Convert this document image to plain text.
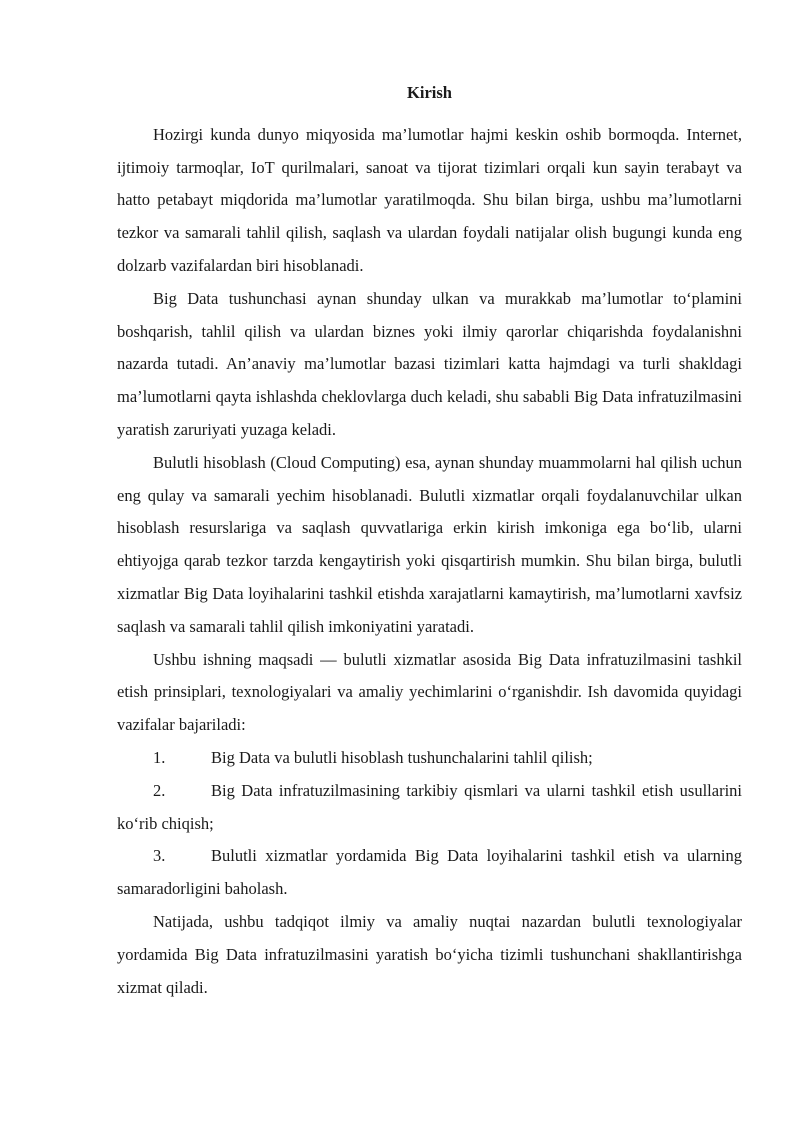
Kirish

Hozirgi kunda dunyo miqyosida ma’lumotlar hajmi keskin oshib bormoqda. Internet, ijtimoiy tarmoqlar, IoT qurilmalari, sanoat va tijorat tizimlari orqali kun sayin terabayt va hatto petabayt miqdorida ma’lumotlar yaratilmoqda. Shu bilan birga, ushbu ma’lumotlarni tezkor va samarali tahlil qilish, saqlash va ulardan foydali natijalar olish bugungi kunda eng dolzarb vazifalardan biri hisoblanadi.

Big Data tushunchasi aynan shunday ulkan va murakkab ma’lumotlar to‘plamini boshqarish, tahlil qilish va ulardan biznes yoki ilmiy qarorlar chiqarishda foydalanishni nazarda tutadi. An’anaviy ma’lumotlar bazasi tizimlari katta hajmdagi va turli shakldagi ma’lumotlarni qayta ishlashda cheklovlarga duch keladi, shu sababli Big Data infratuzilmasini yaratish zaruriyati yuzaga keladi.

Bulutli hisoblash (Cloud Computing) esa, aynan shunday muammolarni hal qilish uchun eng qulay va samarali yechim hisoblanadi. Bulutli xizmatlar orqali foydalanuvchilar ulkan hisoblash resurslariga va saqlash quvvatlariga erkin kirish imkoniga ega bo‘lib, ularni ehtiyojga qarab tezkor tarzda kengaytirish yoki qisqartirish mumkin. Shu bilan birga, bulutli xizmatlar Big Data loyihalarini tashkil etishda xarajatlarni kamaytirish, ma’lumotlarni xavfsiz saqlash va samarali tahlil qilish imkoniyatini yaratadi.

Ushbu ishning maqsadi — bulutli xizmatlar asosida Big Data infratuzilmasini tashkil etish prinsiplari, texnologiyalari va amaliy yechimlarini o‘rganishdir. Ish davomida quyidagi vazifalar bajariladi:

1.	Big Data va bulutli hisoblash tushunchalarini tahlil qilish;

2.	Big Data infratuzilmasining tarkibiy qismlari va ularni tashkil etish usullarini ko‘rib chiqish;

3.	Bulutli xizmatlar yordamida Big Data loyihalarini tashkil etish va ularning samaradorligini baholash.

Natijada, ushbu tadqiqot ilmiy va amaliy nuqtai nazardan bulutli texnologiyalar yordamida Big Data infratuzilmasini yaratish bo‘yicha tizimli tushunchani shakllantirishga xizmat qiladi.
